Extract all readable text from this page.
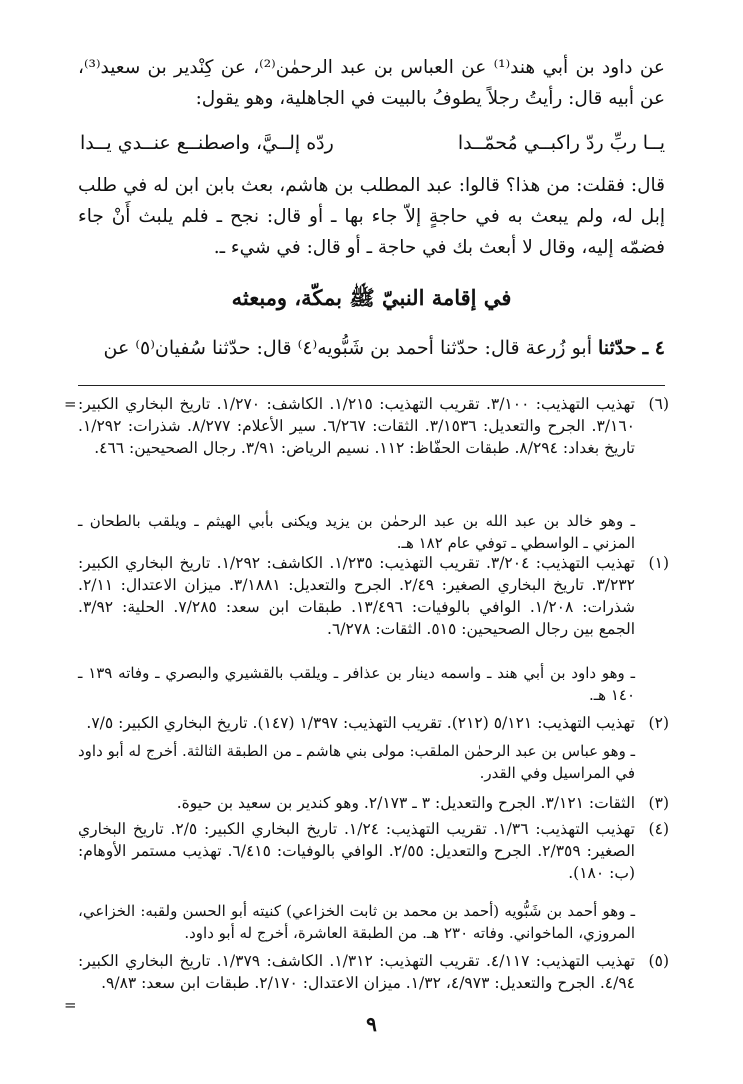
عن داود بن أبي هند⁽¹⁾ عن العباس بن عبد الرحمٰن⁽²⁾، عن كِنْدير بن سعيد⁽³⁾، عن أبيه قال: رأيتُ رجلاً يطوفُ بالبيت في الجاهلية، وهو يقول:
يــا ربِّ ردّ راكبــي مُحمّــدا
ردّه إلــيَّ، واصطنــع عنــدي يــدا
قال: فقلت: من هذا؟ قالوا: عبد المطلب بن هاشم، بعث بابن ابن له في طلب إبل له، ولم يبعث به في حاجةٍ إلاّ جاء بها ـ أو قال: نجح ـ فلم يلبث أَنْ جاء فضمّه إليه، وقال لا أبعث بك في حاجة ـ أو قال: في شيء ـ.
في إقامة النبيّ ﷺ بمكّة، ومبعثه
٤ ـ حدّثنا أبو زُرعة قال: حدّثنا أحمد بن شَبُّويه⁽٤⁾ قال: حدّثنا سُفيان⁽٥⁾ عن
=	(٦)
تهذيب التهذيب: ٣/١٠٠. تقريب التهذيب: ١/٢١٥. الكاشف: ١/٢٧٠. تاريخ البخاري الكبير: ٣/١٦٠. الجرح والتعديل: ٣/١٥٣٦. الثقات: ٦/٢٦٧. سير الأعلام: ٨/٢٧٧. شذرات: ١/٢٩٢. تاريخ بغداد: ٨/٢٩٤. طبقات الحفّاظ: ١١٢. نسيم الرياض: ٣/٩١. رجال الصحيحين: ٤٦٦.
ـ وهو خالد بن عبد الله بن عبد الرحمٰن بن يزيد ويكنى بأبي الهيثم ـ ويلقب بالطحان ـ المزني ـ الواسطي ـ توفي عام ١٨٢ هـ.
(١)
تهذيب التهذيب: ٣/٢٠٤. تقريب التهذيب: ١/٢٣٥. الكاشف: ١/٢٩٢. تاريخ البخاري الكبير: ٣/٢٣٢. تاريخ البخاري الصغير: ٢/٤٩. الجرح والتعديل: ٣/١٨٨١. ميزان الاعتدال: ٢/١١. شذرات: ١/٢٠٨. الوافي بالوفيات: ١٣/٤٩٦. طبقات ابن سعد: ٧/٢٨٥. الحلية: ٣/٩٢. الجمع بين رجال الصحيحين: ٥١٥. الثقات: ٦/٢٧٨.
ـ وهو داود بن أبي هند ـ واسمه دينار بن عذافر ـ ويلقب بالقشيري والبصري ـ وفاته ١٣٩ ـ ١٤٠ هـ.
(٢)
تهذيب التهذيب: ٥/١٢١ (٢١٢). تقريب التهذيب: ١/٣٩٧ (١٤٧). تاريخ البخاري الكبير: ٧/٥.
ـ وهو عباس بن عبد الرحمٰن الملقب: مولى بني هاشم ـ من الطبقة الثالثة. أخرج له أبو داود في المراسيل وفي القدر.
(٣)
الثقات: ٣/١٢١. الجرح والتعديل: ٣ ـ ٢/١٧٣. وهو كندير بن سعيد بن حيوة.
(٤)
تهذيب التهذيب: ١/٣٦. تقريب التهذيب: ١/٢٤. تاريخ البخاري الكبير: ٢/٥. تاريخ البخاري الصغير: ٢/٣٥٩. الجرح والتعديل: ٢/٥٥. الوافي بالوفيات: ٦/٤١٥. تهذيب مستمر الأوهام: (ب: ١٨٠).
ـ وهو أحمد بن شَبُّويه (أحمد بن محمد بن ثابت الخزاعي) كنيته أبو الحسن ولقبه: الخزاعي، المروزي، الماخواني. وفاته ٢٣٠ هـ. من الطبقة العاشرة، أخرج له أبو داود.
(٥)
تهذيب التهذيب: ٤/١١٧. تقريب التهذيب: ١/٣١٢. الكاشف: ١/٣٧٩. تاريخ البخاري الكبير: ٤/٩٤. الجرح والتعديل: ٤/٩٧٣، ١/٣٢. ميزان الاعتدال: ٢/١٧٠. طبقات ابن سعد: ٩/٨٣.
=
٩
